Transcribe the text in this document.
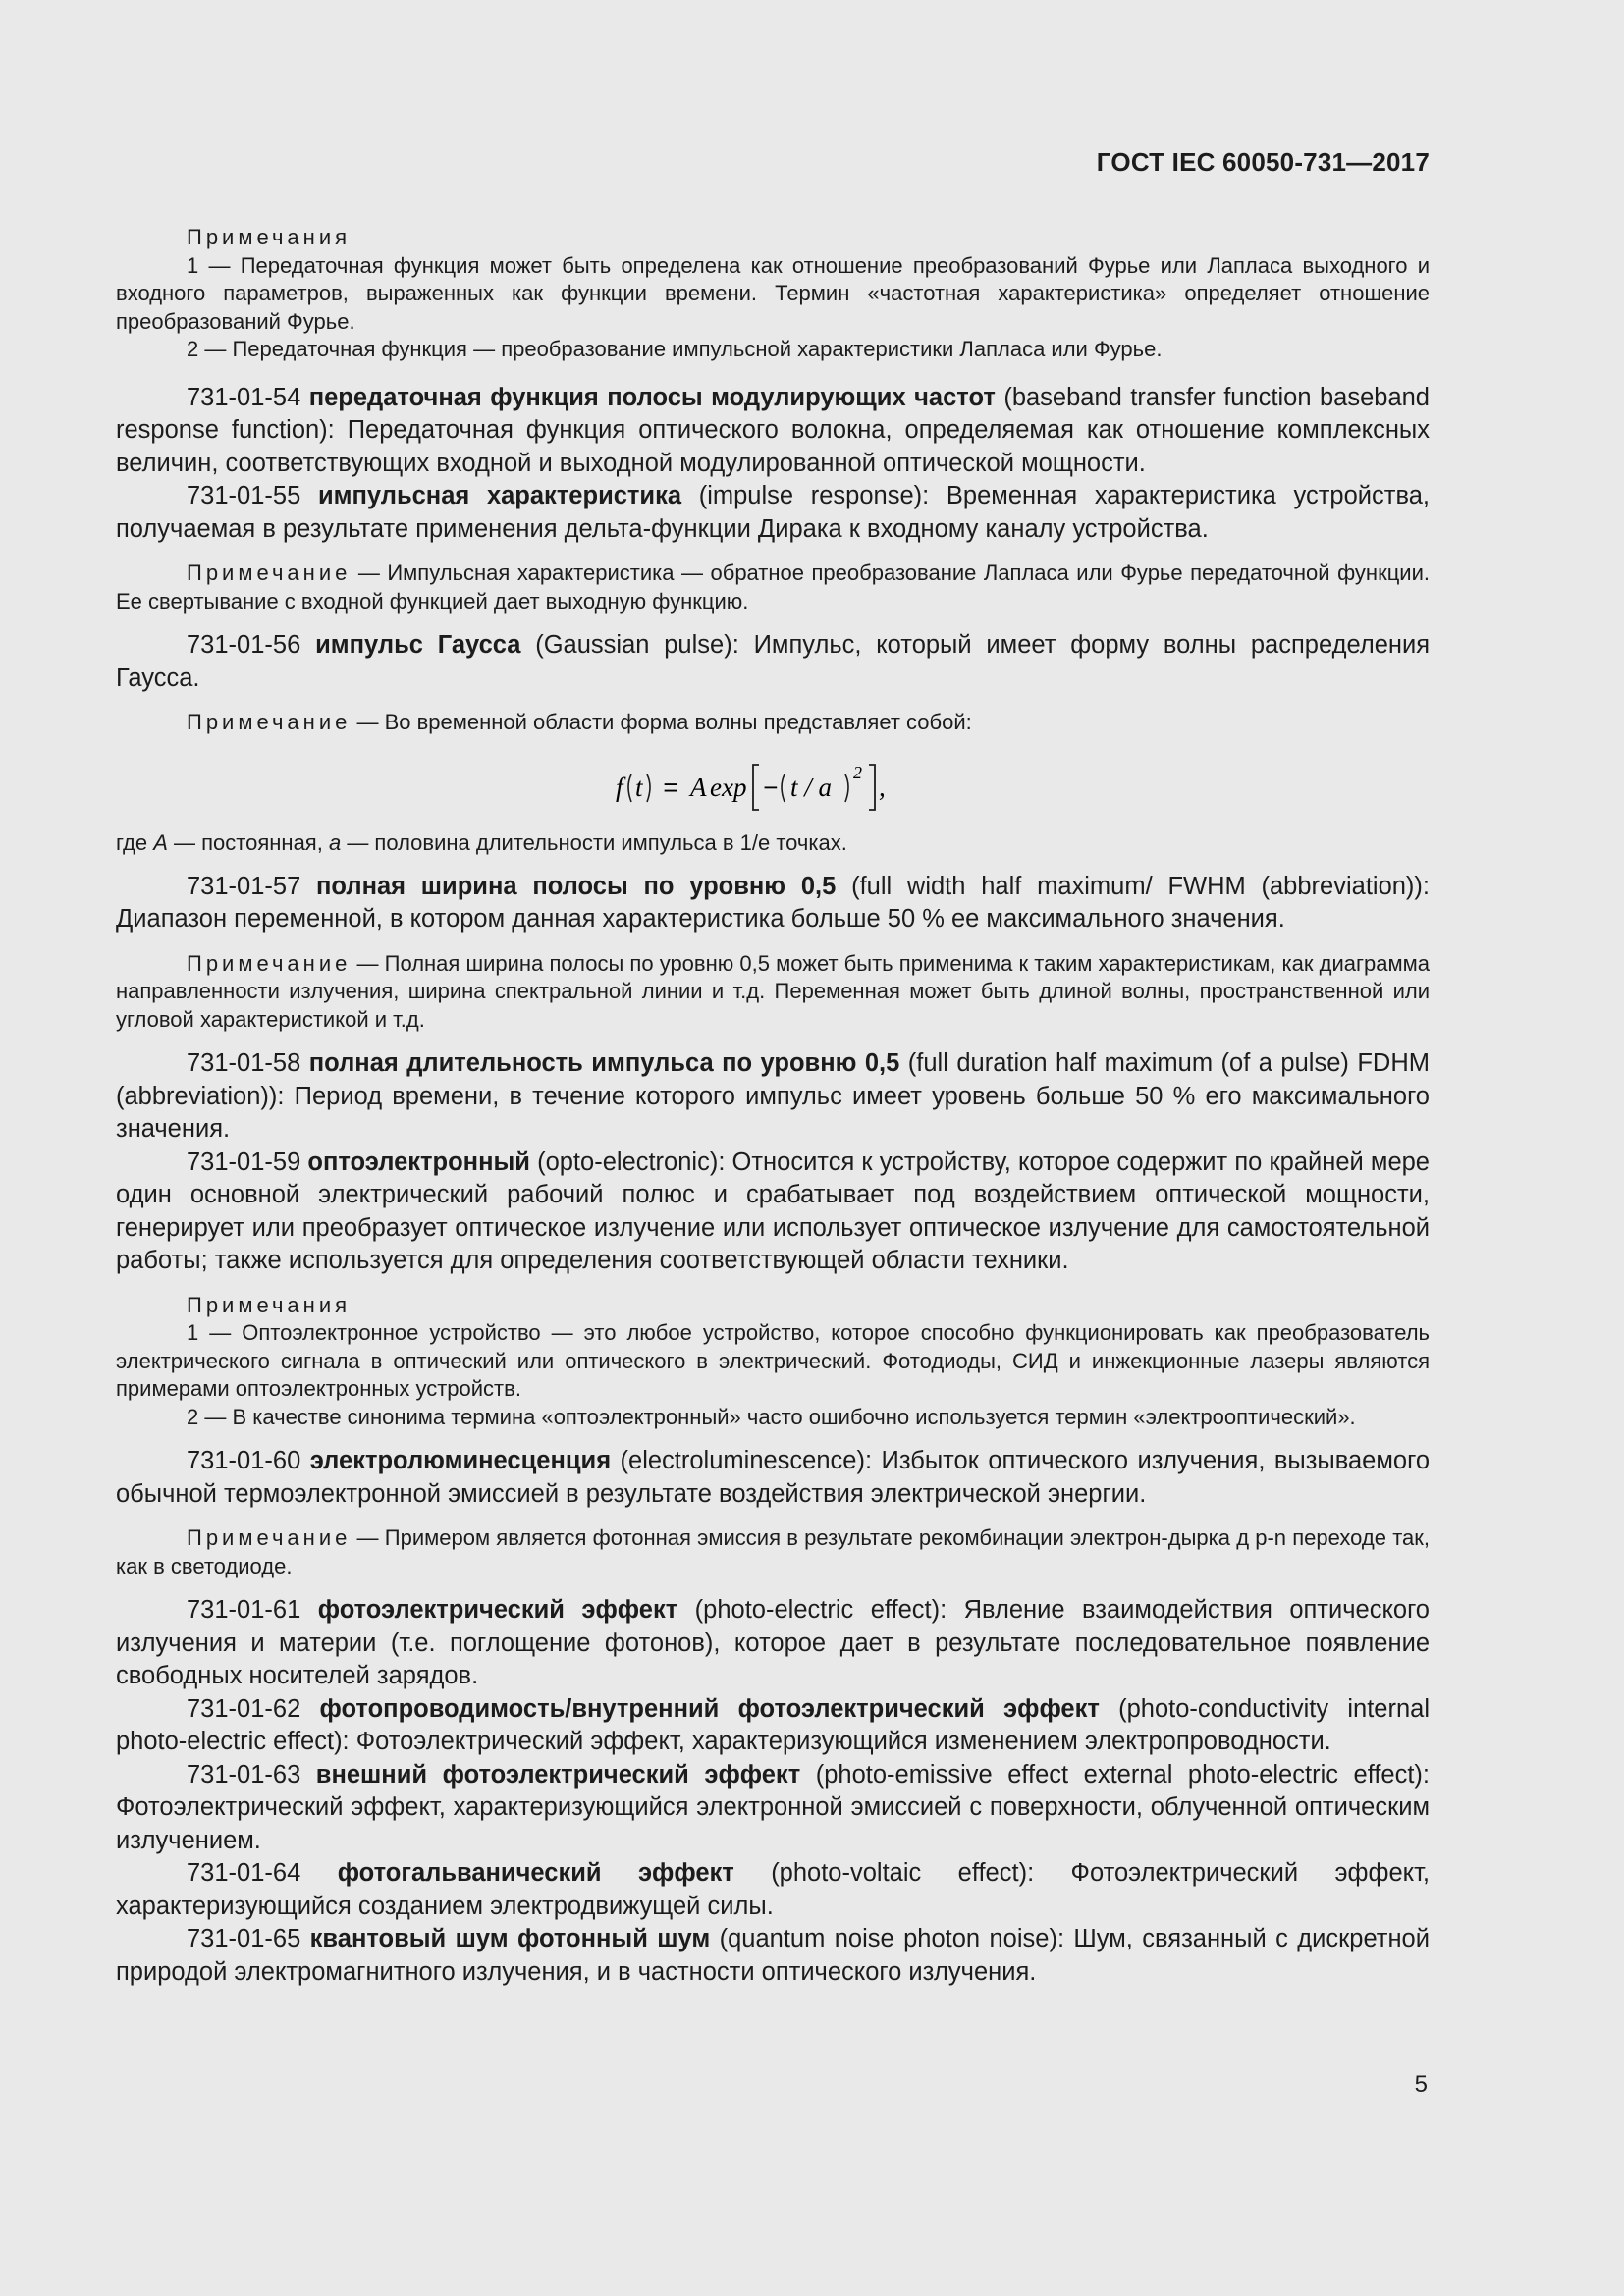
ГОСТ IEC 60050-731—2017

Примечания

1 — Передаточная функция может быть определена как отношение преобразований Фурье или Лапласа выходного и входного параметров, выраженных как функции времени. Термин «частотная характеристика» определяет отношение преобразований Фурье.

2 — Передаточная функция — преобразование импульсной характеристики Лапласа или Фурье.

731-01-54 передаточная функция полосы модулирующих частот (baseband transfer function baseband response function): Передаточная функция оптического волокна, определяемая как отношение комплексных величин, соответствующих входной и выходной модулированной оптической мощности.

731-01-55 импульсная характеристика (impulse response): Временная характеристика устройства, получаемая в результате применения дельта-функции Дирака к входному каналу устройства.

Примечание — Импульсная характеристика — обратное преобразование Лапласа или Фурье передаточной функции. Ее свертывание с входной функцией дает выходную функцию.

731-01-56 импульс Гаусса (Gaussian pulse): Импульс, который имеет форму волны распределения Гаусса.

Примечание — Во временной области форма волны представляет собой:

f t = A exp − t / a 2 ,

где A — постоянная, a — половина длительности импульса в 1/e точках.

731-01-57 полная ширина полосы по уровню 0,5 (full width half maximum/ FWHM (abbreviation)): Диапазон переменной, в котором данная характеристика больше 50 % ее максимального значения.

Примечание — Полная ширина полосы по уровню 0,5 может быть применима к таким характеристикам, как диаграмма направленности излучения, ширина спектральной линии и т.д. Переменная может быть длиной волны, пространственной или угловой характеристикой и т.д.

731-01-58 полная длительность импульса по уровню 0,5 (full duration half maximum (of a pulse) FDHM (abbreviation)): Период времени, в течение которого импульс имеет уровень больше 50 % его максимального значения.

731-01-59 оптоэлектронный (opto-electronic): Относится к устройству, которое содержит по крайней мере один основной электрический рабочий полюс и срабатывает под воздействием оптической мощности, генерирует или преобразует оптическое излучение или использует оптическое излучение для самостоятельной работы; также используется для определения соответствующей области техники.

Примечания

1 — Оптоэлектронное устройство — это любое устройство, которое способно функционировать как преобразователь электрического сигнала в оптический или оптического в электрический. Фотодиоды, СИД и инжекционные лазеры являются примерами оптоэлектронных устройств.

2 — В качестве синонима термина «оптоэлектронный» часто ошибочно используется термин «электрооптический».

731-01-60 электролюминесценция (electroluminescence): Избыток оптического излучения, вызываемого обычной термоэлектронной эмиссией в результате воздействия электрической энергии.

Примечание — Примером является фотонная эмиссия в результате рекомбинации электрон-дырка д p-n переходе так, как в светодиоде.

731-01-61 фотоэлектрический эффект (photo-electric effect): Явление взаимодействия оптического излучения и материи (т.е. поглощение фотонов), которое дает в результате последовательное появление свободных носителей зарядов.

731-01-62 фотопроводимость/внутренний фотоэлектрический эффект (photo-conductivity internal photo-electric effect): Фотоэлектрический эффект, характеризующийся изменением электропроводности.

731-01-63 внешний фотоэлектрический эффект (photo-emissive effect external photo-electric effect): Фотоэлектрический эффект, характеризующийся электронной эмиссией с поверхности, облученной оптическим излучением.

731-01-64 фотогальванический эффект (photo-voltaic effect): Фотоэлектрический эффект, характеризующийся созданием электродвижущей силы.

731-01-65 квантовый шум фотонный шум (quantum noise photon noise): Шум, связанный с дискретной природой электромагнитного излучения, и в частности оптического излучения.

5
